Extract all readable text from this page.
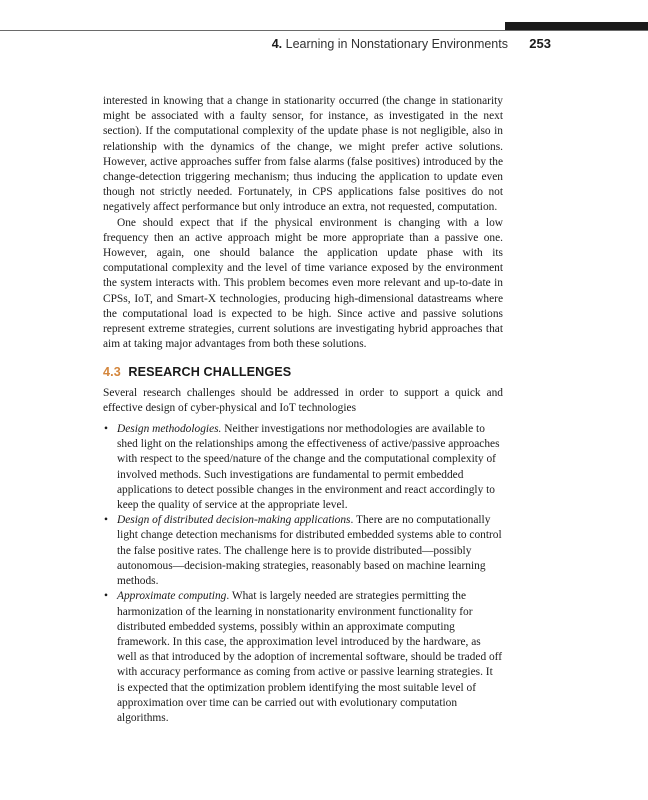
4. Learning in Nonstationary Environments 253

interested in knowing that a change in stationarity occurred (the change in stationarity might be associated with a faulty sensor, for instance, as investigated in the next section). If the computational complexity of the update phase is not negligible, also in relationship with the dynamics of the change, we might prefer active solutions. However, active approaches suffer from false alarms (false positives) introduced by the change-detection triggering mechanism; thus inducing the application to update even though not strictly needed. Fortunately, in CPS applications false positives do not negatively affect performance but only introduce an extra, not requested, computation.

One should expect that if the physical environment is changing with a low frequency then an active approach might be more appropriate than a passive one. However, again, one should balance the application update phase with its computational complexity and the level of time variance exposed by the environment the system interacts with. This problem becomes even more relevant and up-to-date in CPSs, IoT, and Smart-X technologies, producing high-dimensional datastreams where the computational load is expected to be high. Since active and passive solutions represent extreme strategies, current solutions are investigating hybrid approaches that aim at taking major advantages from both these solutions.

4.3 RESEARCH CHALLENGES

Several research challenges should be addressed in order to support a quick and effective design of cyber-physical and IoT technologies

• Design methodologies. Neither investigations nor methodologies are available to shed light on the relationships among the effectiveness of active/passive approaches with respect to the speed/nature of the change and the computational complexity of involved methods. Such investigations are fundamental to permit embedded applications to detect possible changes in the environment and react accordingly to keep the quality of service at the appropriate level.
• Design of distributed decision-making applications. There are no computationally light change detection mechanisms for distributed embedded systems able to control the false positive rates. The challenge here is to provide distributed—possibly autonomous—decision-making strategies, reasonably based on machine learning methods.
• Approximate computing. What is largely needed are strategies permitting the harmonization of the learning in nonstationarity environment functionality for distributed embedded systems, possibly within an approximate computing framework. In this case, the approximation level introduced by the hardware, as well as that introduced by the adoption of incremental software, should be traded off with accuracy performance as coming from active or passive learning strategies. It is expected that the optimization problem identifying the most suitable level of approximation over time can be carried out with evolutionary computation algorithms.
